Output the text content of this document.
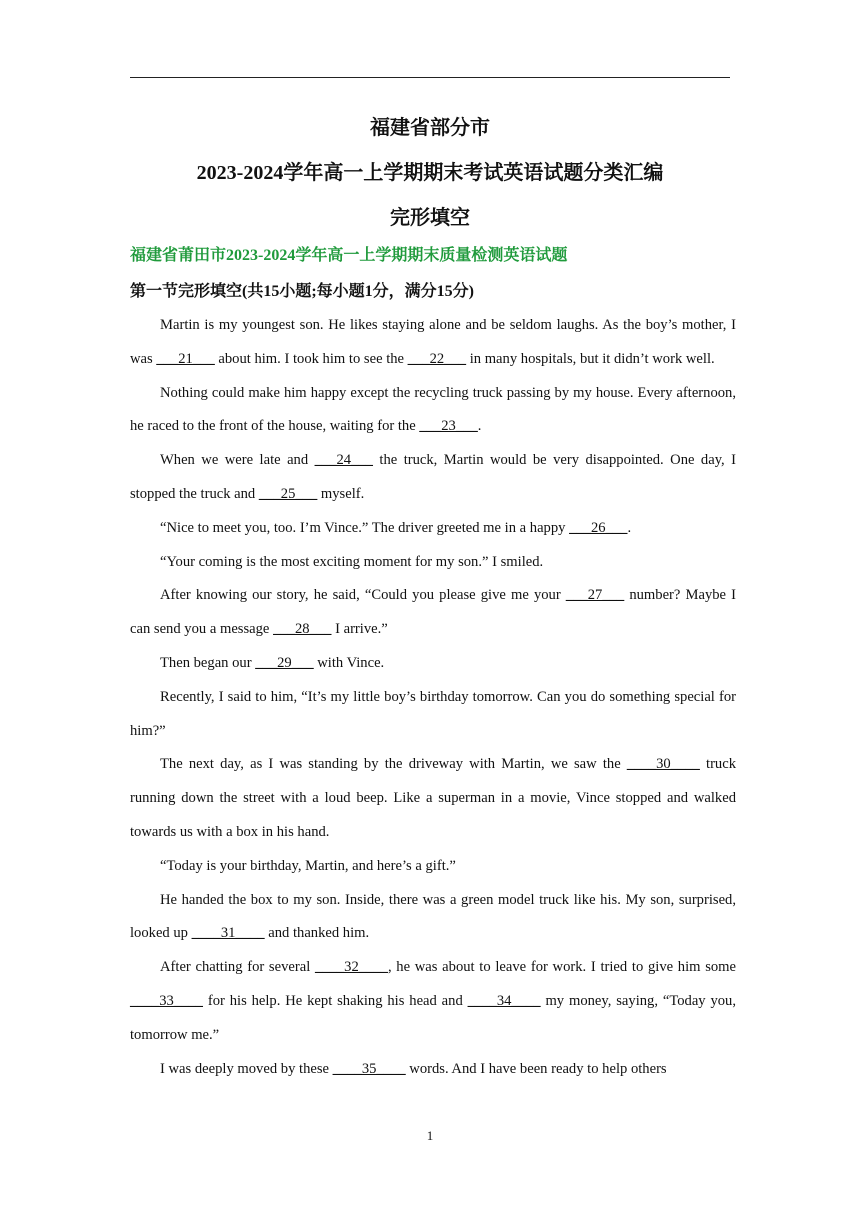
福建省部分市
2023-2024学年高一上学期期末考试英语试题分类汇编
完形填空
福建省莆田市2023-2024学年高一上学期期末质量检测英语试题
第一节完形填空(共15小题;每小题1分，满分15分)

Martin is my youngest son. He likes staying alone and be seldom laughs. As the boy’s mother, I was ___21___ about him. I took him to see the ___22___ in many hospitals, but it didn’t work well.

Nothing could make him happy except the recycling truck passing by my house. Every afternoon, he raced to the front of the house, waiting for the ___23___.

When we were late and ___24___ the truck, Martin would be very disappointed. One day, I stopped the truck and ___25___ myself.

“Nice to meet you, too. I’m Vince.” The driver greeted me in a happy ___26___.

“Your coming is the most exciting moment for my son.” I smiled.

After knowing our story, he said, “Could you please give me your ___27___ number? Maybe I can send you a message ___28___ I arrive.”

Then began our ___29___ with Vince.

Recently, I said to him, “It’s my little boy’s birthday tomorrow. Can you do something special for him?”

The next day, as I was standing by the driveway with Martin, we saw the ____30____ truck running down the street with a loud beep. Like a superman in a movie, Vince stopped and walked towards us with a box in his hand.

“Today is your birthday, Martin, and here’s a gift.”

He handed the box to my son. Inside, there was a green model truck like his. My son, surprised, looked up ____31____ and thanked him.

After chatting for several ____32____, he was about to leave for work. I tried to give him some ____33____ for his help. He kept shaking his head and ____34____ my money, saying, “Today you, tomorrow me.”

I was deeply moved by these ____35____ words. And I have been ready to help others

1
